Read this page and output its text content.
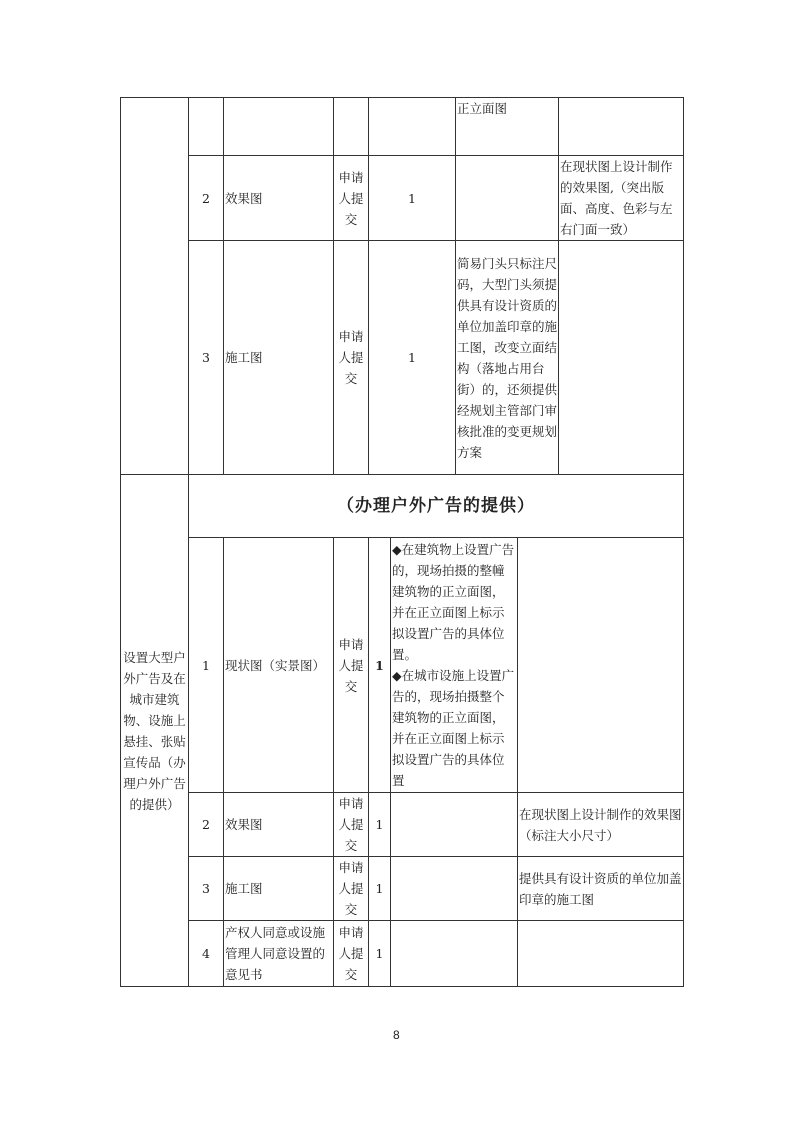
						正立面图		
	2	效果图	申请人提交	1				在现状图上设计制作的效果图,（突出版面、高度、色彩与左右门面一致）
	3	施工图	申请人提交	1		简易门头只标注尺码，大型门头须提供具有设计资质的单位加盖印章的施工图，改变立面结构（落地占用台街）的，还须提供经规划主管部门审核批准的变更规划方案		
设置大型户外广告及在城市建筑物、设施上悬挂、张贴宣传品（办理户外广告的提供）	（办理户外广告的提供）							
	1	现状图（实景图）	申请人提交	1	◆在建筑物上设置广告的，现场拍摄的整幢建筑物的正立面图，并在正立面图上标示拟设置广告的具体位置。
◆在城市设施上设置广告的，现场拍摄整个建筑物的正立面图，并在正立面图上标示拟设置广告的具体位置			

	2	效果图	申请人提交	1			在现状图上设计制作的效果图（标注大小尺寸）	
	3	施工图	申请人提交	1			提供具有设计资质的单位加盖印章的施工图	
	4	产权人同意或设施管理人同意设置的意见书	申请人提交	1				
8
